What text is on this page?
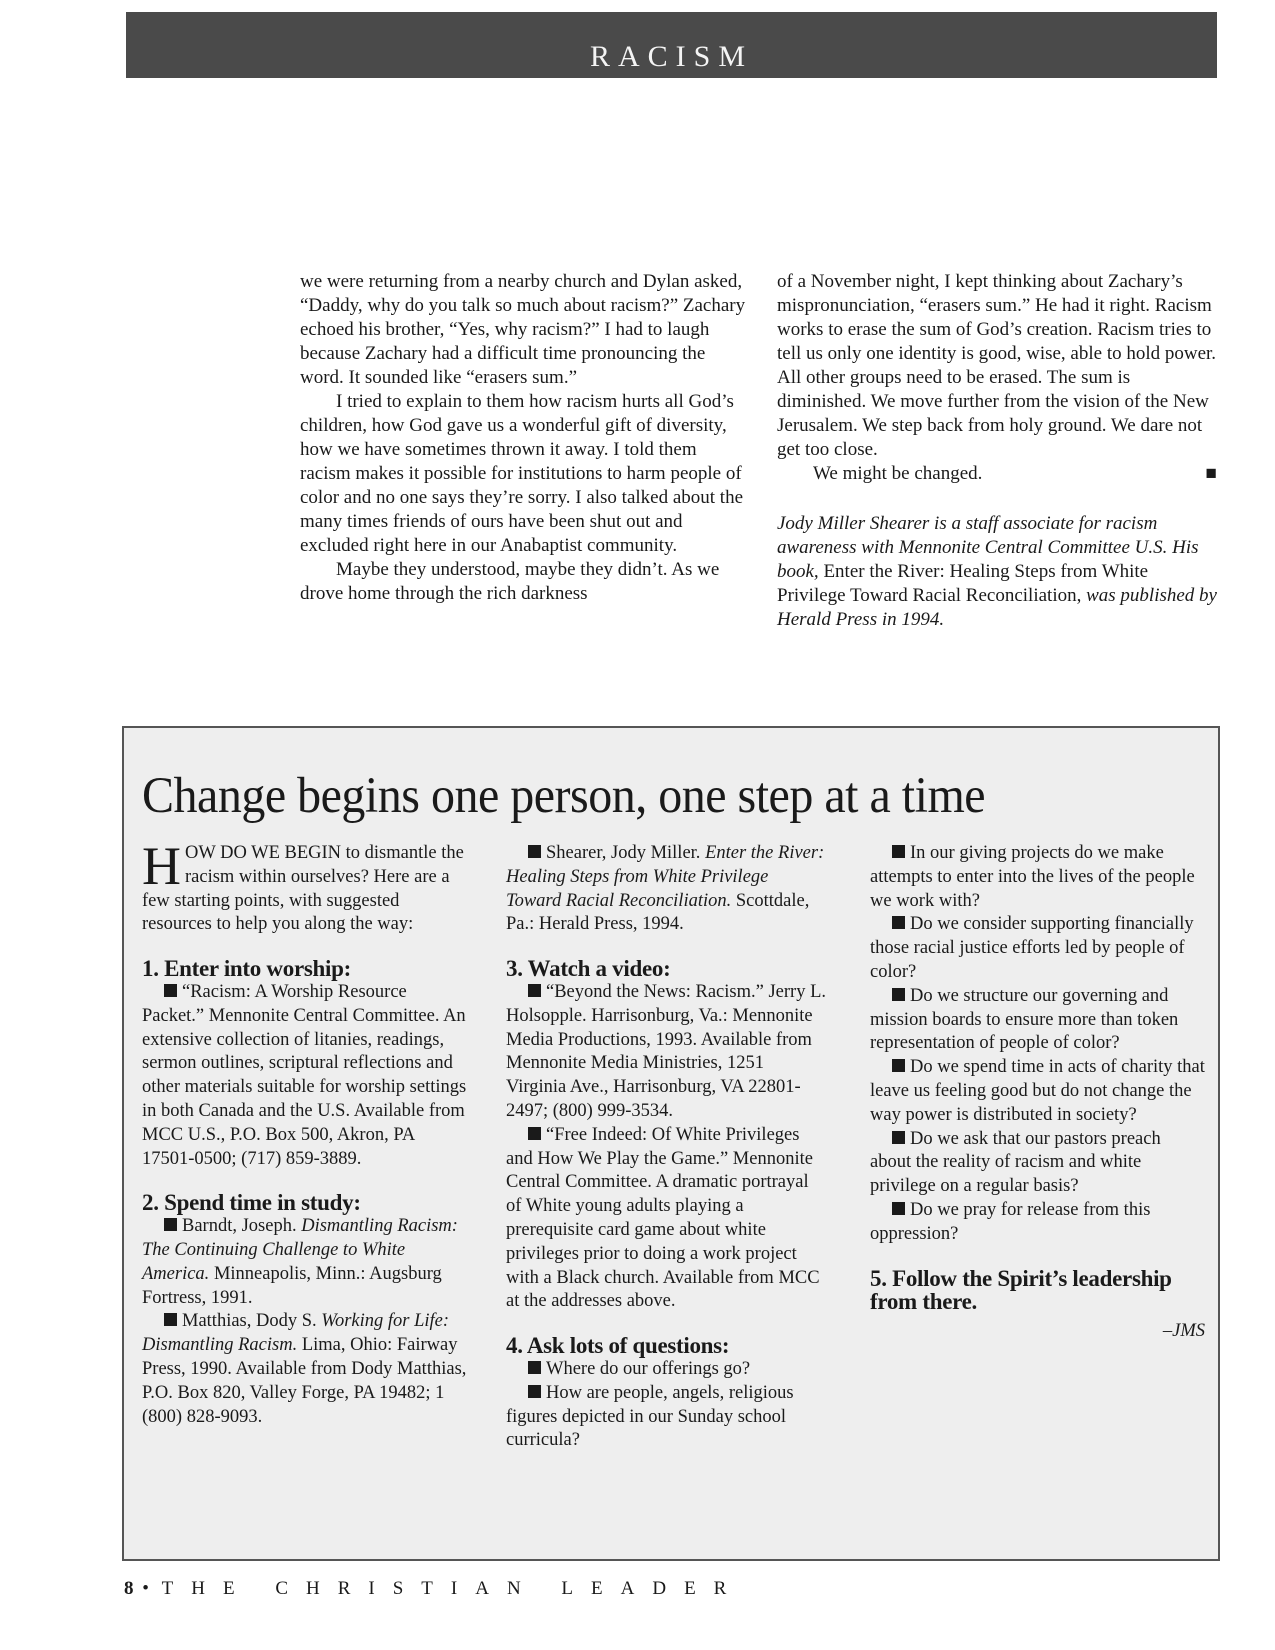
RACISM

we were returning from a nearby church and Dylan asked, “Daddy, why do you talk so much about racism?” Zachary echoed his brother, “Yes, why racism?” I had to laugh because Zachary had a difficult time pronouncing the word. It sounded like “erasers sum.”

I tried to explain to them how racism hurts all God’s children, how God gave us a wonderful gift of diversity, how we have sometimes thrown it away. I told them racism makes it possible for institutions to harm people of color and no one says they’re sorry. I also talked about the many times friends of ours have been shut out and excluded right here in our Anabaptist community.

Maybe they understood, maybe they didn’t. As we drove home through the rich darkness

of a November night, I kept thinking about Zachary’s mispronunciation, “erasers sum.” He had it right. Racism works to erase the sum of God’s creation. Racism tries to tell us only one identity is good, wise, able to hold power. All other groups need to be erased. The sum is diminished. We move further from the vision of the New Jerusalem. We step back from holy ground. We dare not get too close.

We might be changed.	■

Jody Miller Shearer is a staff associate for racism awareness with Mennonite Central Committee U.S. His book, Enter the River: Healing Steps from White Privilege Toward Racial Reconciliation, was published by Herald Press in 1994.

Change begins one person, one step at a time

HOW DO WE BEGIN to dismantle the racism within ourselves? Here are a few starting points, with suggested resources to help you along the way:

1. Enter into worship:

“Racism: A Worship Resource Packet.” Mennonite Central Committee. An extensive collection of litanies, readings, sermon outlines, scriptural reflections and other materials suitable for worship settings in both Canada and the U.S. Available from MCC U.S., P.O. Box 500, Akron, PA 17501-0500; (717) 859-3889.

2. Spend time in study:

Barndt, Joseph. Dismantling Racism: The Continuing Challenge to White America. Minneapolis, Minn.: Augsburg Fortress, 1991.

Matthias, Dody S. Working for Life: Dismantling Racism. Lima, Ohio: Fairway Press, 1990. Available from Dody Matthias, P.O. Box 820, Valley Forge, PA 19482; 1 (800) 828-9093.

Shearer, Jody Miller. Enter the River: Healing Steps from White Privilege Toward Racial Reconciliation. Scottdale, Pa.: Herald Press, 1994.

3. Watch a video:

“Beyond the News: Racism.” Jerry L. Holsopple. Harrisonburg, Va.: Mennonite Media Productions, 1993. Available from Mennonite Media Ministries, 1251 Virginia Ave., Harrisonburg, VA 22801-2497; (800) 999-3534.

“Free Indeed: Of White Privileges and How We Play the Game.” Mennonite Central Committee. A dramatic portrayal of White young adults playing a prerequisite card game about white privileges prior to doing a work project with a Black church. Available from MCC at the addresses above.

4. Ask lots of questions:

Where do our offerings go?

How are people, angels, religious figures depicted in our Sunday school curricula?

In our giving projects do we make attempts to enter into the lives of the people we work with?

Do we consider supporting financially those racial justice efforts led by people of color?

Do we structure our governing and mission boards to ensure more than token representation of people of color?

Do we spend time in acts of charity that leave us feeling good but do not change the way power is distributed in society?

Do we ask that our pastors preach about the reality of racism and white privilege on a regular basis?

Do we pray for release from this oppression?

5. Follow the Spirit’s leadership from there.

–JMS

8 • THE CHRISTIAN LEADER
